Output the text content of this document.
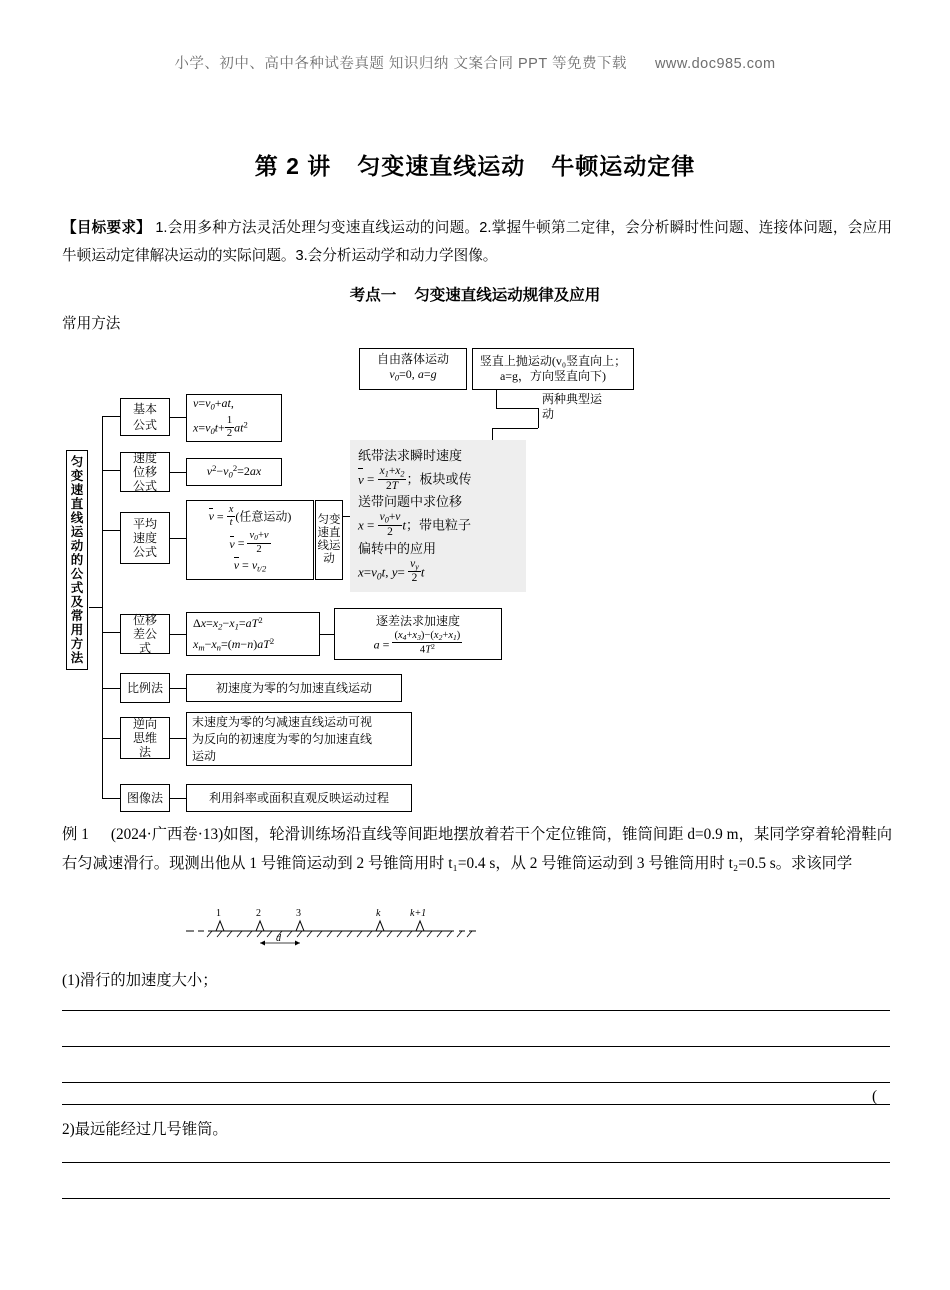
小学、初中、高中各种试卷真题 知识归纳 文案合同 PPT 等免费下载 www.doc985.com
第 2 讲 匀变速直线运动 牛顿运动定律
【目标要求】 1.会用多种方法灵活处理匀变速直线运动的问题。2.掌握牛顿第二定律，会分析瞬时性问题、连接体问题，会应用牛顿运动定律解决运动的实际问题。3.会分析运动学和动力学图像。
考点一 匀变速直线运动规律及应用
常用方法
匀变速直线运动的公式及常用方法
自由落体运动
$v_0=0$, a=g
竖直上抛运动(v₀竖直向上；
a=g，方向竖直向下)
两种典型运动
基本公式
$v=v_0+at$,
$x=v_0t+ \frac{1}{2} at^2$
速度位移公式
$v^2-v_0^2=2ax$
平均速度公式
$v = \frac{x}{t}$ (任意运动)
$v = \frac{v_0+v}{2}$
$v = v_{t/2}$
匀变速直线运动
纸带法求瞬时速度
$v = \frac{x_1+x_2}{2T}$ ；板块或传
送带问题中求位移
$x = \frac{v_0+v}{2}$ t；带电粒子
偏转中的应用
$x=v_0t$, $y= \frac{v_y}{2}$ t
位移差公式
$\Delta x=x_2-x_1=aT^2$
$x_m-x_n=(m-n)aT^2$
逐差法求加速度
$a = \frac{(x_4+x_3)-(x_2+x_1)}{4T^2}$
比例法	初速度为零的匀加速直线运动
逆向思维法
末速度为零的匀减速直线运动可视
为反向的初速度为零的匀加速直线
运动
图像法	利用斜率或面积直观反映运动过程
例 1 (2024·广西卷·13)如图，轮滑训练场沿直线等间距地摆放着若干个定位锥筒，锥筒间距 d=0.9 m，某同学穿着轮滑鞋向右匀减速滑行。现测出他从 1 号锥筒运动到 2 号锥筒用时 t₁=0.4 s，从 2 号锥筒运动到 3 号锥筒用时 t₂=0.5 s。求该同学
d
1	2	3	k	k+1
(1)滑行的加速度大小；
(
2)最远能经过几号锥筒。
